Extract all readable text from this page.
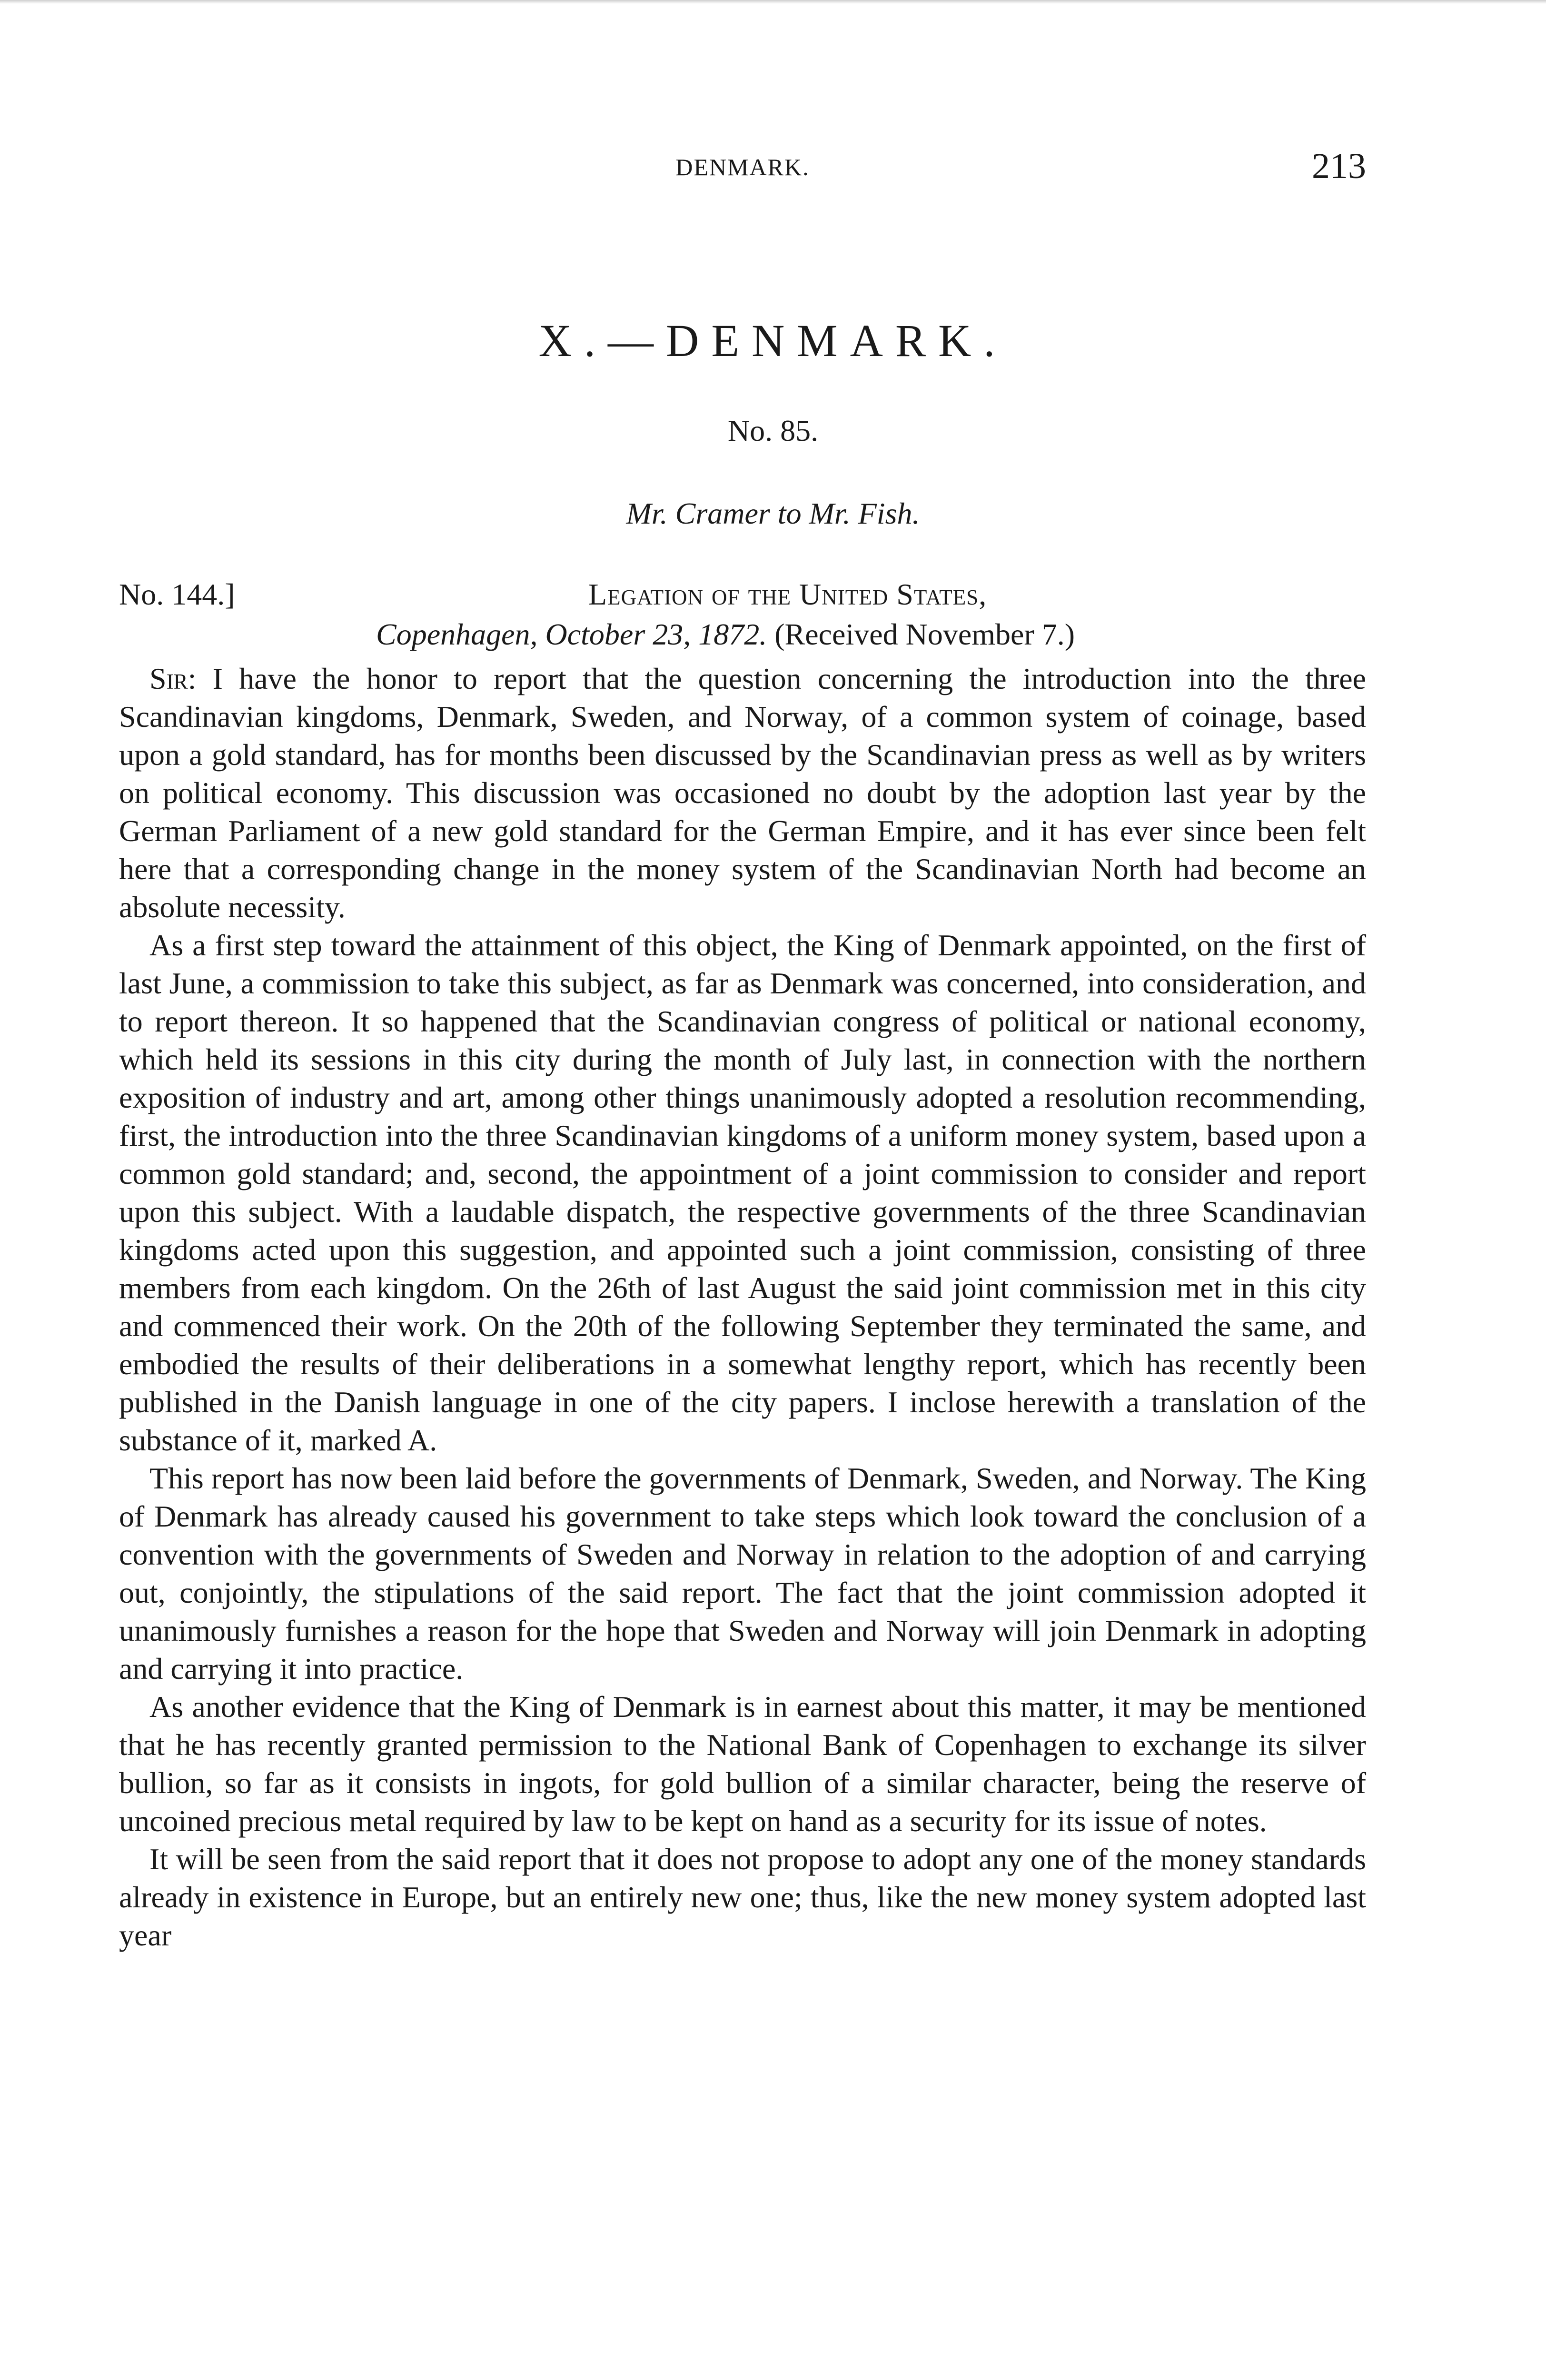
DENMARK.	213
X.—DENMARK.
No. 85.
Mr. Cramer to Mr. Fish.
No. 144.]	Legation of the United States,
Copenhagen, October 23, 1872. (Received November 7.)

Sir: I have the honor to report that the question concerning the introduction into the three Scandinavian kingdoms, Denmark, Sweden, and Norway, of a common system of coinage, based upon a gold standard, has for months been discussed by the Scandinavian press as well as by writers on political economy. This discussion was occasioned no doubt by the adoption last year by the German Parliament of a new gold standard for the German Empire, and it has ever since been felt here that a corresponding change in the money system of the Scandinavian North had become an absolute necessity.

As a first step toward the attainment of this object, the King of Denmark appointed, on the first of last June, a commission to take this subject, as far as Denmark was concerned, into consideration, and to report thereon. It so happened that the Scandinavian congress of political or national economy, which held its sessions in this city during the month of July last, in connection with the northern exposition of industry and art, among other things unanimously adopted a resolution recommending, first, the introduction into the three Scandinavian kingdoms of a uniform money system, based upon a common gold standard; and, second, the appointment of a joint commission to consider and report upon this subject. With a laudable dispatch, the respective governments of the three Scandinavian kingdoms acted upon this suggestion, and appointed such a joint commission, consisting of three members from each kingdom. On the 26th of last August the said joint commission met in this city and commenced their work. On the 20th of the following September they terminated the same, and embodied the results of their deliberations in a somewhat lengthy report, which has recently been published in the Danish language in one of the city papers. I inclose herewith a translation of the substance of it, marked A.

This report has now been laid before the governments of Denmark, Sweden, and Norway. The King of Denmark has already caused his government to take steps which look toward the conclusion of a convention with the governments of Sweden and Norway in relation to the adoption of and carrying out, conjointly, the stipulations of the said report. The fact that the joint commission adopted it unanimously furnishes a reason for the hope that Sweden and Norway will join Denmark in adopting and carrying it into practice.

As another evidence that the King of Denmark is in earnest about this matter, it may be mentioned that he has recently granted permission to the National Bank of Copenhagen to exchange its silver bullion, so far as it consists in ingots, for gold bullion of a similar character, being the reserve of uncoined precious metal required by law to be kept on hand as a security for its issue of notes.

It will be seen from the said report that it does not propose to adopt any one of the money standards already in existence in Europe, but an entirely new one; thus, like the new money system adopted last year
